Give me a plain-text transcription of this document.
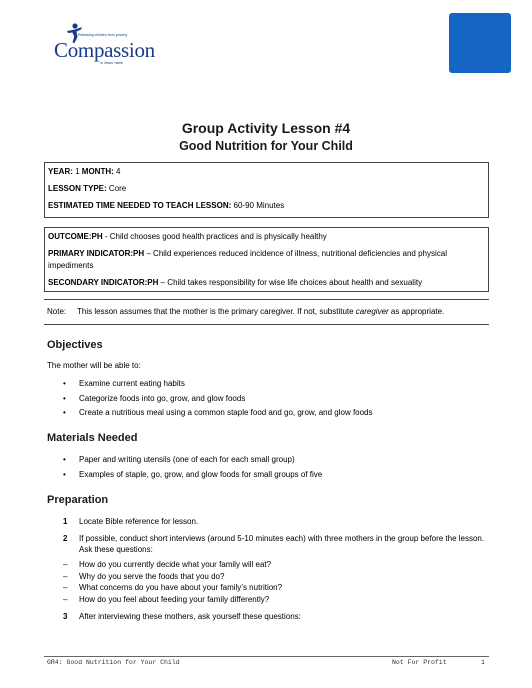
Releasing children from poverty
Compassion
in Jesus' name
Group Activity Lesson #4
Good Nutrition for Your Child

YEAR: 1 MONTH: 4

LESSON TYPE: Core

ESTIMATED TIME NEEDED TO TEACH LESSON: 60-90 Minutes

OUTCOME:PH - Child chooses good health practices and is physically healthy

PRIMARY INDICATOR:PH – Child experiences reduced incidence of illness, nutritional deficiencies and physical impediments

SECONDARY INDICATOR:PH – Child takes responsibility for wise life choices about health and sexuality

Note: This lesson assumes that the mother is the primary caregiver. If not, substitute caregiver as appropriate.
Objectives
The mother will be able to:
• Examine current eating habits
• Categorize foods into go, grow, and glow foods
• Create a nutritious meal using a common staple food and go, grow, and glow foods
Materials Needed
• Paper and writing utensils (one of each for each small group)
• Examples of staple, go, grow, and glow foods for small groups of five
Preparation
1 Locate Bible reference for lesson.
2 If possible, conduct short interviews (around 5-10 minutes each) with three mothers in the group before the lesson. Ask these questions:
– How do you currently decide what your family will eat?
– Why do you serve the foods that you do?
– What concerns do you have about your family’s nutrition?
– How do you feel about feeding your family differently?
3 After interviewing these mothers, ask yourself these questions:
GR4: Good Nutrition for Your Child	Not For Profit	1
